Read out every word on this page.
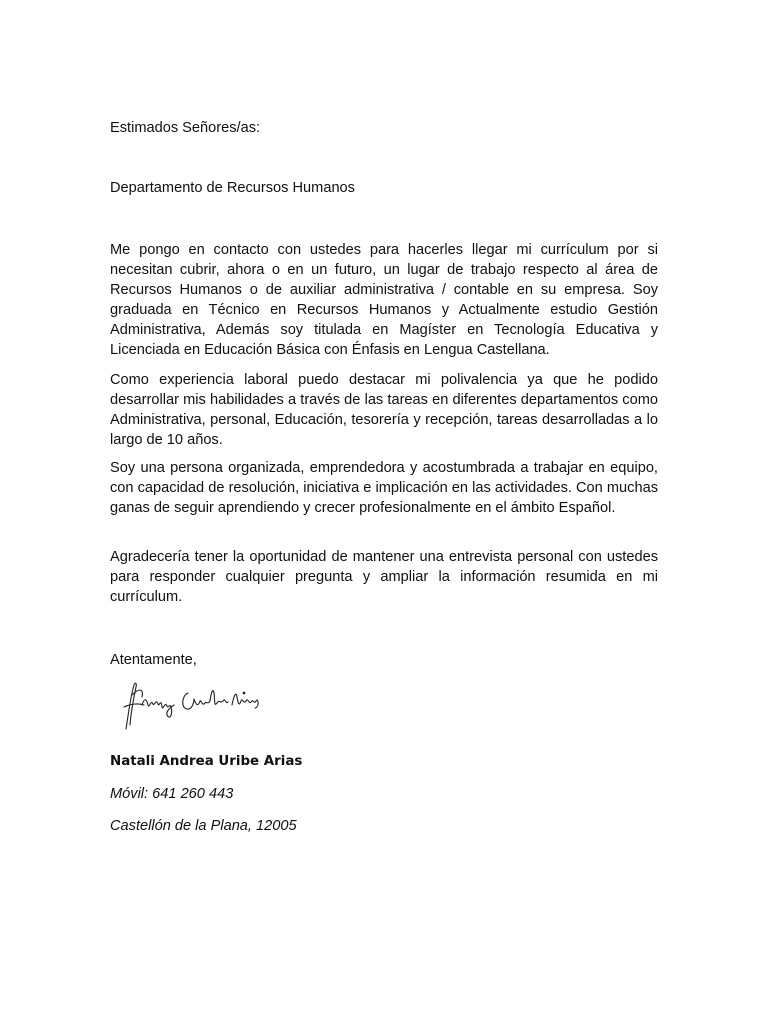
Estimados Señores/as:

Departamento de Recursos Humanos

Me pongo en contacto con ustedes para hacerles llegar mi currículum por si necesitan cubrir, ahora o en un futuro, un lugar de trabajo respecto al área de Recursos Humanos o de auxiliar administrativa / contable en su empresa. Soy graduada en Técnico en Recursos Humanos y Actualmente estudio Gestión Administrativa, Además soy titulada en Magíster en Tecnología Educativa y Licenciada en Educación Básica con Énfasis en Lengua Castellana.

Como experiencia laboral puedo destacar mi polivalencia ya que he podido desarrollar mis habilidades a través de las tareas en diferentes departamentos como Administrativa, personal, Educación, tesorería y recepción, tareas desarrolladas a lo largo de 10 años.

Soy una persona organizada, emprendedora y acostumbrada a trabajar en equipo, con capacidad de resolución, iniciativa e implicación en las actividades. Con muchas ganas de seguir aprendiendo y crecer profesionalmente en el ámbito Español.

Agradecería tener la oportunidad de mantener una entrevista personal con ustedes para responder cualquier pregunta y ampliar la información resumida en mi currículum.

Atentamente,

Natali Andrea Uribe Arias

Móvil: 641 260 443

Castellón de la Plana, 12005
